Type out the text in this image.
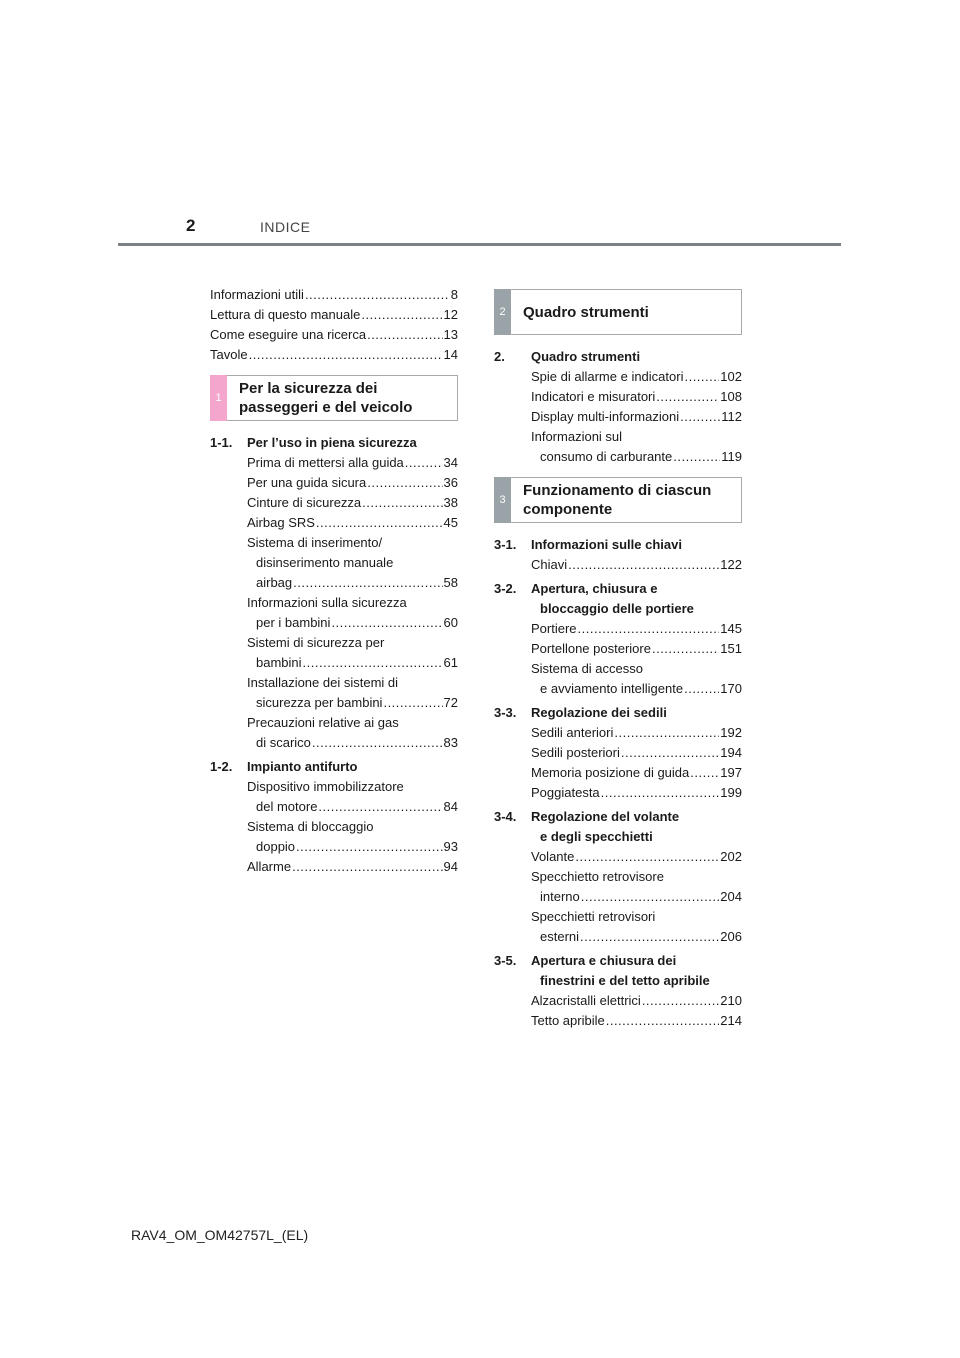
2	INDICE
Informazioni utili .....	8
Lettura di questo manuale .....	12
Come eseguire una ricerca .....	13
Tavole .....	14
1
Per la sicurezza dei
passeggeri e del veicolo
1-1.	Per l’uso in piena sicurezza
Prima di mettersi alla guida .....	34
Per una guida sicura .....	36
Cinture di sicurezza .....	38
Airbag SRS .....	45
Sistema di inserimento/
disinserimento manuale
airbag .....	58
Informazioni sulla sicurezza
per i bambini .....	60
Sistemi di sicurezza per
bambini .....	61
Installazione dei sistemi di
sicurezza per bambini .....	72
Precauzioni relative ai gas
di scarico .....	83
1-2.	Impianto antifurto
Dispositivo immobilizzatore
del motore .....	84
Sistema di bloccaggio
doppio .....	93
Allarme .....	94
2	Quadro strumenti
2.	Quadro strumenti
Spie di allarme e indicatori .....	102
Indicatori e misuratori .....	108
Display multi-informazioni .....	112
Informazioni sul
consumo di carburante .....	119
3
Funzionamento di ciascun
componente
3-1.	Informazioni sulle chiavi
Chiavi .....	122
3-2.	Apertura, chiusura e
bloccaggio delle portiere
Portiere .....	145
Portellone posteriore .....	151
Sistema di accesso
e avviamento intelligente .....	170
3-3.	Regolazione dei sedili
Sedili anteriori .....	192
Sedili posteriori .....	194
Memoria posizione di guida ..... 197
Poggiatesta .....	199
3-4.	Regolazione del volante
e degli specchietti
Volante .....	202
Specchietto retrovisore
interno .....	204
Specchietti retrovisori
esterni .....	206
3-5.	Apertura e chiusura dei
finestrini e del tetto apribile
Alzacristalli elettrici .....	210
Tetto apribile .....	214
RAV4_OM_OM42757L_(EL)
